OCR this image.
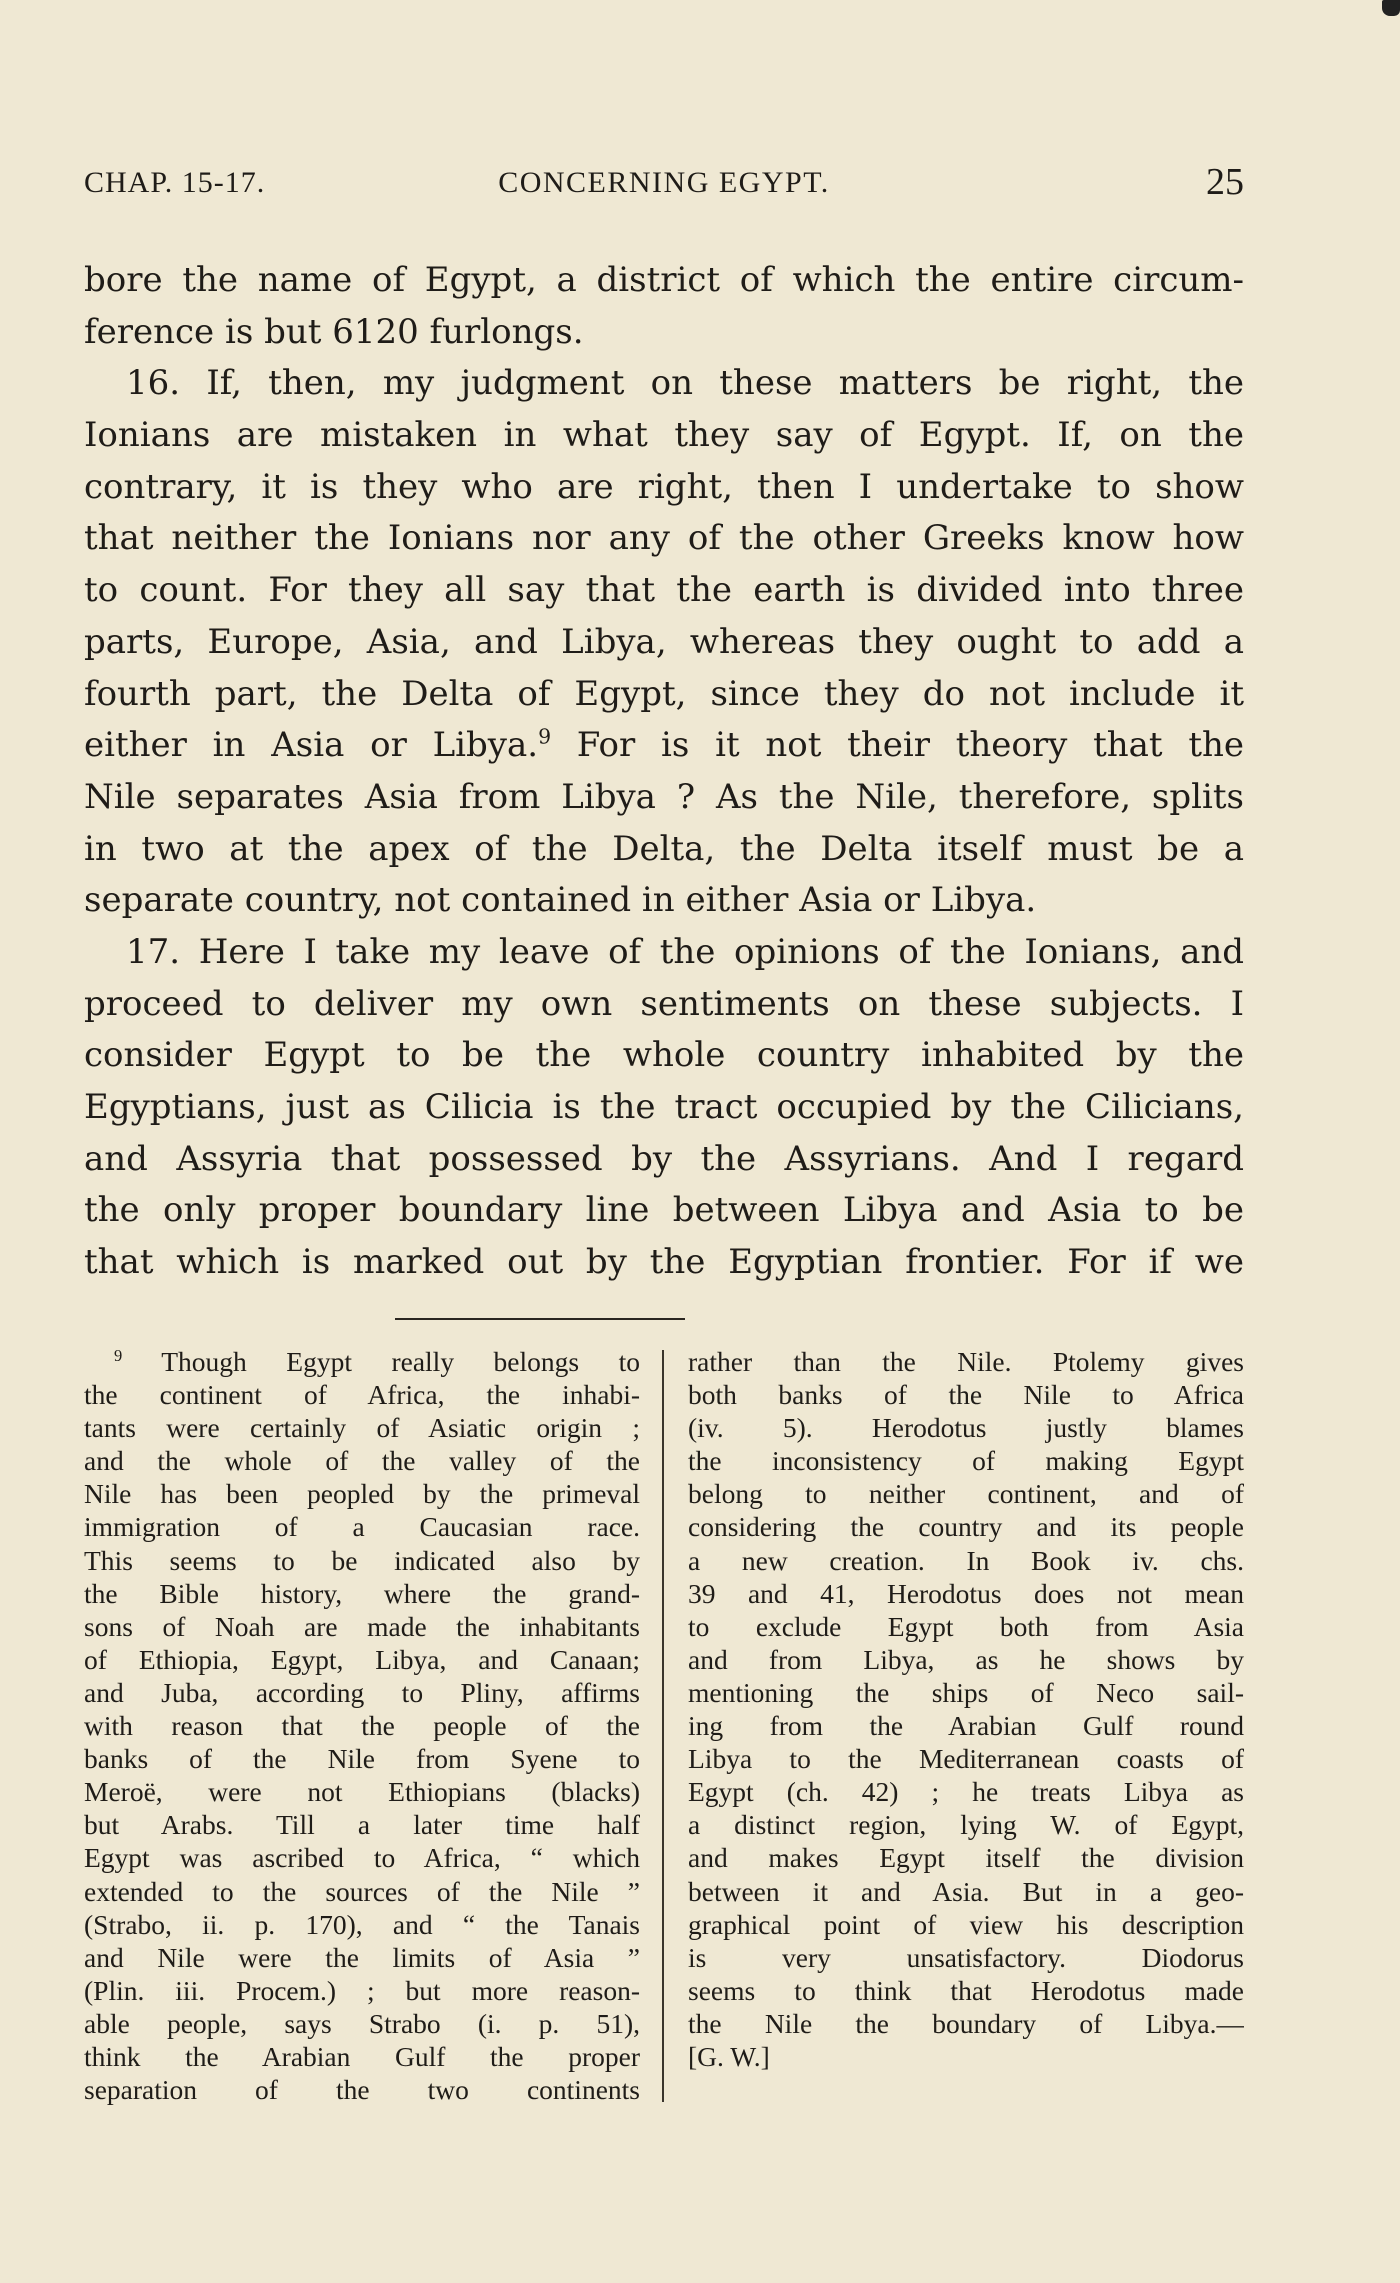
CHAP. 15-17.	CONCERNING EGYPT.	25
bore the name of Egypt, a district of which the entire circum-
ference is but 6120 furlongs.
16. If, then, my judgment on these matters be right, the
Ionians are mistaken in what they say of Egypt. If, on the
contrary, it is they who are right, then I undertake to show
that neither the Ionians nor any of the other Greeks know how
to count. For they all say that the earth is divided into three
parts, Europe, Asia, and Libya, whereas they ought to add a
fourth part, the Delta of Egypt, since they do not include it
either in Asia or Libya.$^9$ For is it not their theory that the
Nile separates Asia from Libya ? As the Nile, therefore, splits
in two at the apex of the Delta, the Delta itself must be a
separate country, not contained in either Asia or Libya.
17. Here I take my leave of the opinions of the Ionians, and
proceed to deliver my own sentiments on these subjects. I
consider Egypt to be the whole country inhabited by the
Egyptians, just as Cilicia is the tract occupied by the Cilicians,
and Assyria that possessed by the Assyrians. And I regard
the only proper boundary line between Libya and Asia to be
that which is marked out by the Egyptian frontier. For if we
$^9$ Though Egypt really belongs to
the continent of Africa, the inhabi-
tants were certainly of Asiatic origin ;
and the whole of the valley of the
Nile has been peopled by the primeval
immigration of a Caucasian race.
This seems to be indicated also by
the Bible history, where the grand-
sons of Noah are made the inhabitants
of Ethiopia, Egypt, Libya, and Canaan;
and Juba, according to Pliny, affirms
with reason that the people of the
banks of the Nile from Syene to
Meroë, were not Ethiopians (blacks)
but Arabs. Till a later time half
Egypt was ascribed to Africa, “ which
extended to the sources of the Nile ”
(Strabo, ii. p. 170), and “ the Tanais
and Nile were the limits of Asia ”
(Plin. iii. Procem.) ; but more reason-
able people, says Strabo (i. p. 51),
think the Arabian Gulf the proper
separation of the two continents
rather than the Nile. Ptolemy gives
both banks of the Nile to Africa
(iv. 5). Herodotus justly blames
the inconsistency of making Egypt
belong to neither continent, and of
considering the country and its people
a new creation. In Book iv. chs.
39 and 41, Herodotus does not mean
to exclude Egypt both from Asia
and from Libya, as he shows by
mentioning the ships of Neco sail-
ing from the Arabian Gulf round
Libya to the Mediterranean coasts of
Egypt (ch. 42) ; he treats Libya as
a distinct region, lying W. of Egypt,
and makes Egypt itself the division
between it and Asia. But in a geo-
graphical point of view his description
is very unsatisfactory. Diodorus
seems to think that Herodotus made
the Nile the boundary of Libya.—
[G. W.]
